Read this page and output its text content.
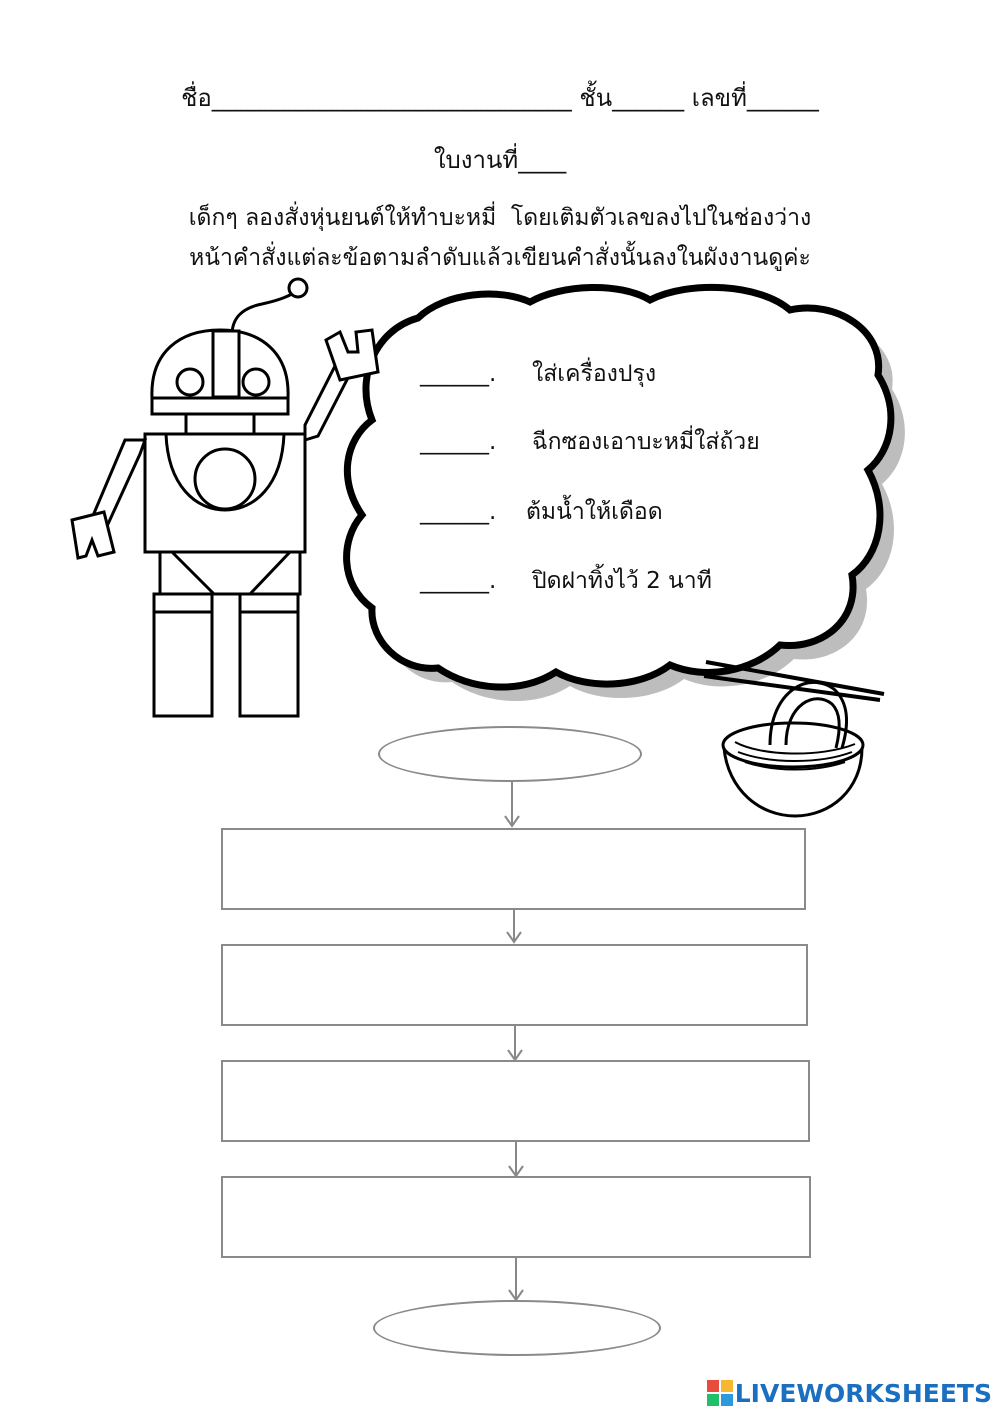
ชื่อ______________________________ ชั้น______ เลขที่______
ใบงานที่____
เด็กๆ ลองสั่งหุ่นยนต์ให้ทำบะหมี่  โดยเติมตัวเลขลงไปในช่องว่าง
หน้าคำสั่งแต่ละข้อตามลำดับแล้วเขียนคำสั่งนั้นลงในผังงานดูค่ะ
______. ใส่เครื่องปรุง
______. ฉีกซองเอาบะหมี่ใส่ถ้วย
______. ต้มน้ำให้เดือด
______. ปิดฝาทิ้งไว้ 2 นาที
LIVEWORKSHEETS
